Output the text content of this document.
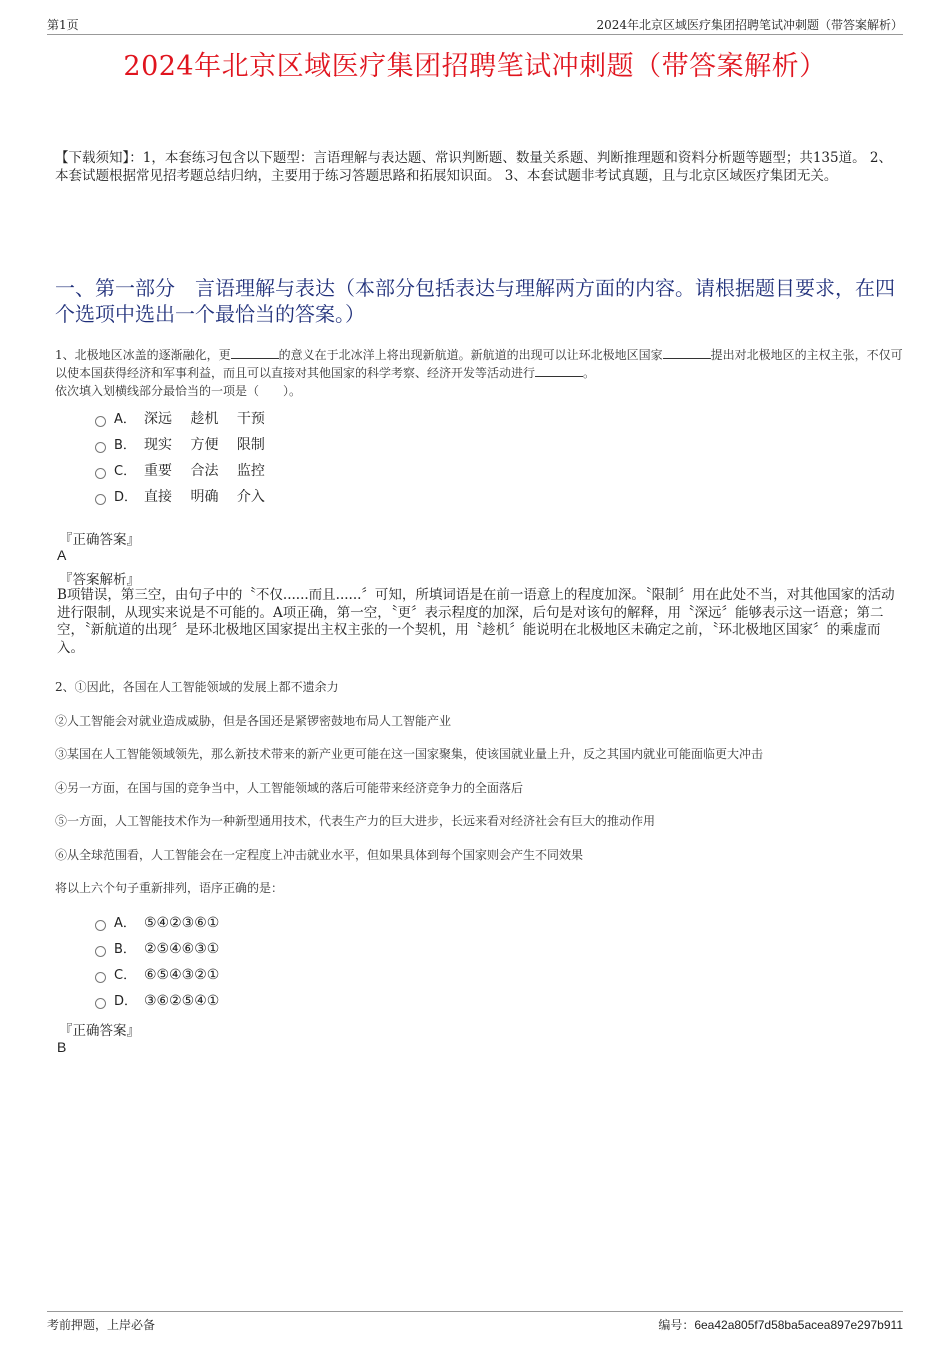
第1页	2024年北京区域医疗集团招聘笔试冲刺题（带答案解析）
2024年北京区域医疗集团招聘笔试冲刺题（带答案解析）
【下载须知】：1，本套练习包含以下题型：言语理解与表达题、常识判断题、数量关系题、判断推理题和资料分析题等题型；共135道。 2、本套试题根据常见招考题总结归纳，主要用于练习答题思路和拓展知识面。 3、本套试题非考试真题，且与北京区域医疗集团无关。
一、第一部分　言语理解与表达（本部分包括表达与理解两方面的内容。请根据题目要求，在四个选项中选出一个最恰当的答案。）
1、北极地区冰盖的逐渐融化，更	的意义在于北冰洋上将出现新航道。新航道的出现可以让环北极地区国家	提出对北极地区的主权主张，不仅可以使本国获得经济和军事利益，而且可以直接对其他国家的科学考察、经济开发等活动进行	。
依次填入划横线部分最恰当的一项是（　　）。
A． 深远　 趁机　 干预
B． 现实　 方便　 限制
C． 重要　 合法　 监控
D． 直接　 明确　 介入
『正确答案』
A
『答案解析』
B项错误，第三空，由句子中的〝不仅......而且......〞可知，所填词语是在前一语意上的程度加深。〝限制〞用在此处不当，对其他国家的活动进行限制，从现实来说是不可能的。A项正确，第一空，〝更〞表示程度的加深，后句是对该句的解释，用〝深远〞能够表示这一语意；第二空，〝新航道的出现〞是环北极地区国家提出主权主张的一个契机，用〝趁机〞能说明在北极地区未确定之前，〝环北极地区国家〞的乘虚而入。
2、①因此，各国在人工智能领域的发展上都不遗余力
②人工智能会对就业造成威胁，但是各国还是紧锣密鼓地布局人工智能产业
③某国在人工智能领域领先，那么新技术带来的新产业更可能在这一国家聚集，使该国就业量上升，反之其国内就业可能面临更大冲击
④另一方面，在国与国的竞争当中，人工智能领域的落后可能带来经济竞争力的全面落后
⑤一方面，人工智能技术作为一种新型通用技术，代表生产力的巨大进步，长远来看对经济社会有巨大的推动作用
⑥从全球范围看，人工智能会在一定程度上冲击就业水平，但如果具体到每个国家则会产生不同效果
将以上六个句子重新排列，语序正确的是：
A． ⑤④②③⑥①
B． ②⑤④⑥③①
C． ⑥⑤④③②①
D． ③⑥②⑤④①
『正确答案』
B
考前押题，上岸必备	编号：6ea42a805f7d58ba5acea897e297b911
